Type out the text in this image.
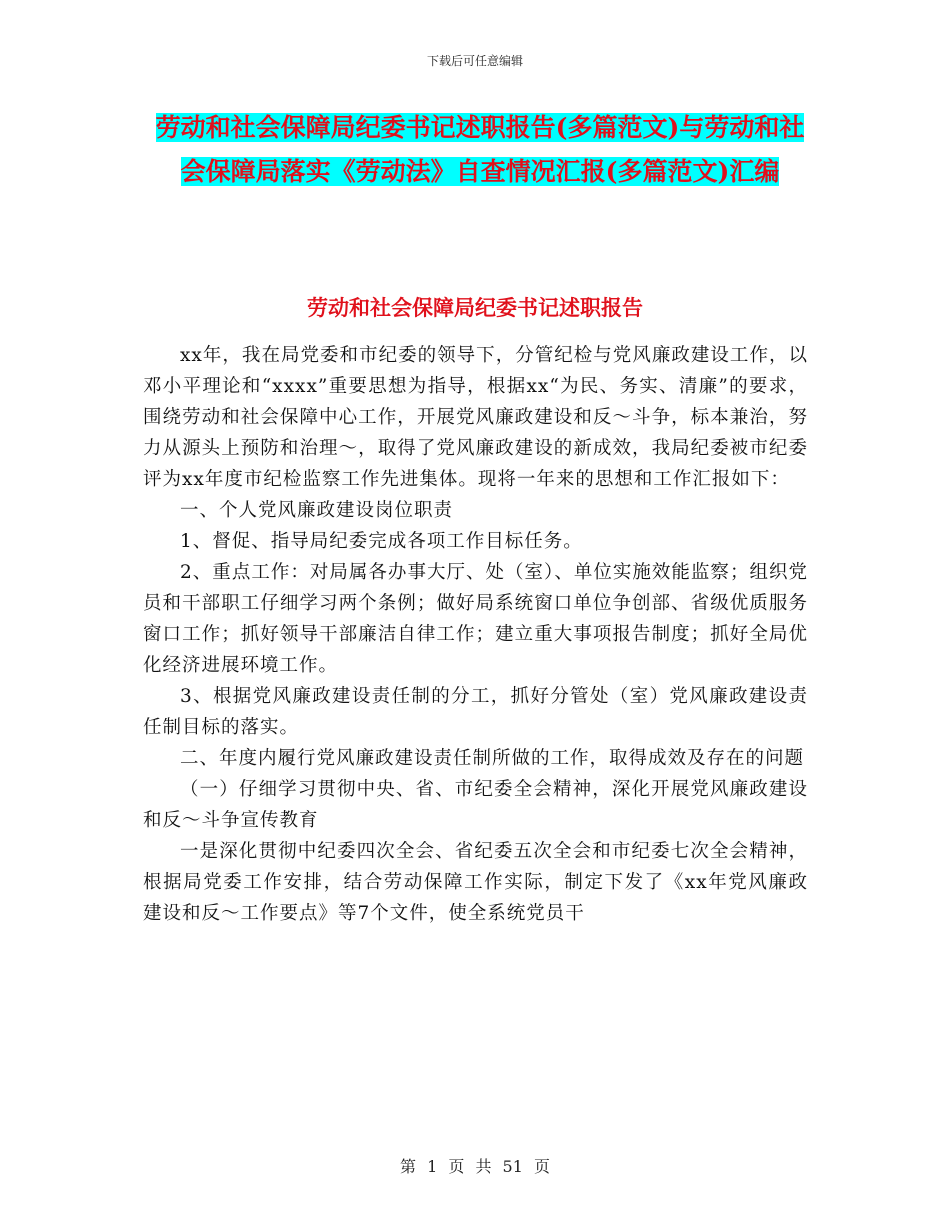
下载后可任意编辑
劳动和社会保障局纪委书记述职报告(多篇范文)与劳动和社会保障局落实《劳动法》自查情况汇报(多篇范文)汇编
劳动和社会保障局纪委书记述职报告

xx年，我在局党委和市纪委的领导下，分管纪检与党风廉政建设工作，以邓小平理论和“xxxx”重要思想为指导，根据xx“为民、务实、清廉”的要求，围绕劳动和社会保障中心工作，开展党风廉政建设和反～斗争，标本兼治，努力从源头上预防和治理～，取得了党风廉政建设的新成效，我局纪委被市纪委评为xx年度市纪检监察工作先进集体。现将一年来的思想和工作汇报如下：

一、个人党风廉政建设岗位职责

1、督促、指导局纪委完成各项工作目标任务。

2、重点工作：对局属各办事大厅、处（室）、单位实施效能监察；组织党员和干部职工仔细学习两个条例；做好局系统窗口单位争创部、省级优质服务窗口工作；抓好领导干部廉洁自律工作；建立重大事项报告制度；抓好全局优化经济进展环境工作。

3、根据党风廉政建设责任制的分工，抓好分管处（室）党风廉政建设责任制目标的落实。

二、年度内履行党风廉政建设责任制所做的工作，取得成效及存在的问题

（一）仔细学习贯彻中央、省、市纪委全会精神，深化开展党风廉政建设和反～斗争宣传教育

一是深化贯彻中纪委四次全会、省纪委五次全会和市纪委七次全会精神，根据局党委工作安排，结合劳动保障工作实际，制定下发了《xx年党风廉政建设和反～工作要点》等7个文件，使全系统党员干

第 1 页 共 51 页
